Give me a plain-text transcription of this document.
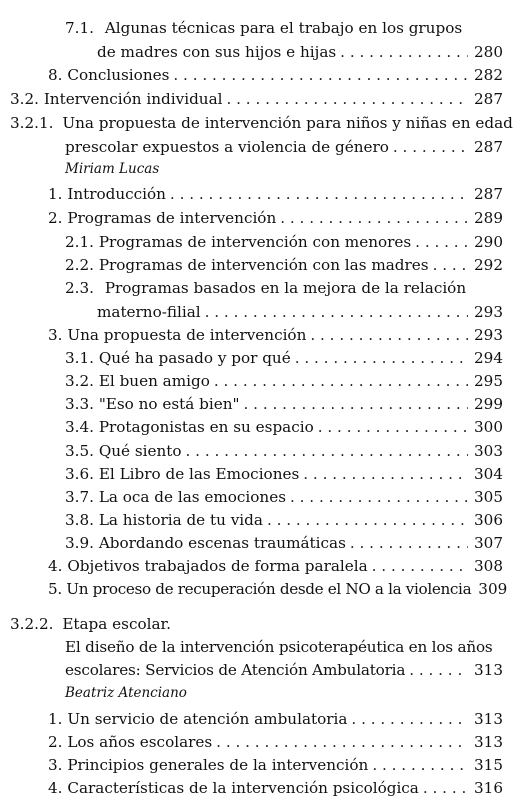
7.1. Algunas técnicas para el trabajo en los grupos
de madres con sus hijos e hijas . . .	280
8. Conclusiones . . .	282
3.2. Intervención individual . . .	287
3.2.1. Una propuesta de intervención para niños y niñas en edad
prescolar expuestos a violencia de género . . .	287
Miriam Lucas
1. Introducción . . .	287
2. Programas de intervención . . .	289
2.1. Programas de intervención con menores . . .	290
2.2. Programas de intervención con las madres . . .	292
2.3. Programas basados en la mejora de la relación
materno-filial . . .	293
3. Una propuesta de intervención . . .	293
3.1. Qué ha pasado y por qué . . .	294
3.2. El buen amigo . . .	295
3.3. "Eso no está bien" . . .	299
3.4. Protagonistas en su espacio . . .	300
3.5. Qué siento . . .	303
3.6. El Libro de las Emociones . . .	304
3.7. La oca de las emociones . . .	305
3.8. La historia de tu vida . . .	306
3.9. Abordando escenas traumáticas . . .	307
4. Objetivos trabajados de forma paralela . . .	308
5. Un proceso de recuperación desde el NO a la violencia 309
3.2.2. Etapa escolar.
El diseño de la intervención psicoterapéutica en los años
escolares: Servicios de Atención Ambulatoria . . .	313
Beatriz Atenciano
1. Un servicio de atención ambulatoria . . .	313
2. Los años escolares . . .	313
3. Principios generales de la intervención . . .	315
4. Características de la intervención psicológica . . .	316
